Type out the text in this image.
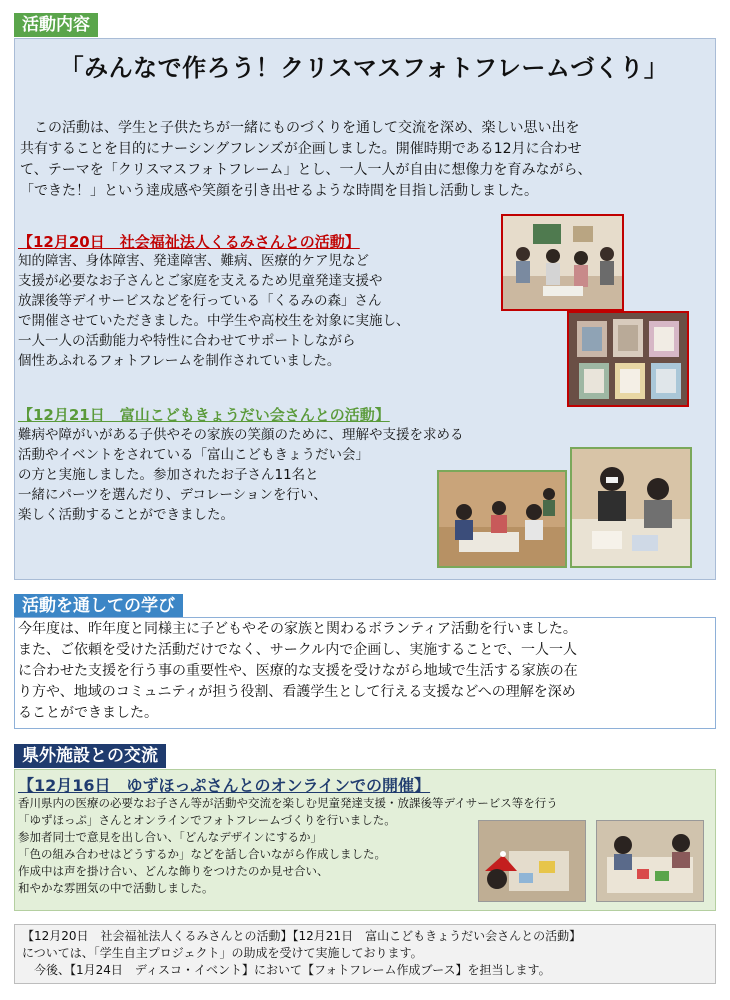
活動内容
「みんなで作ろう！クリスマスフォトフレームづくり」
　この活動は、学生と子供たちが一緒にものづくりを通して交流を深め、楽しい思い出を
共有することを目的にナーシングフレンズが企画しました。開催時期である12月に合わせ
て、テーマを「クリスマスフォトフレーム」とし、一人一人が自由に想像力を育みながら、
「できた！」という達成感や笑顔を引き出せるような時間を目指し活動しました。
【12月20日　社会福祉法人くるみさんとの活動】
知的障害、身体障害、発達障害、難病、医療的ケア児など
支援が必要なお子さんとご家庭を支えるため児童発達支援や
放課後等デイサービスなどを行っている「くるみの森」さん
で開催させていただきました。中学生や高校生を対象に実施し、
一人一人の活動能力や特性に合わせてサポートしながら
個性あふれるフォトフレームを制作されていました。
【12月21日　富山こどもきょうだい会さんとの活動】
難病や障がいがある子供やその家族の笑顔のために、理解や支援を求める
活動やイベントをされている「富山こどもきょうだい会」
の方と実施しました。参加されたお子さん11名と
一緒にパーツを選んだり、デコレーションを行い、
楽しく活動することができました。
活動を通しての学び
今年度は、昨年度と同様主に子どもやその家族と関わるボランティア活動を行いました。
また、ご依頼を受けた活動だけでなく、サークル内で企画し、実施することで、一人一人
に合わせた支援を行う事の重要性や、医療的な支援を受けながら地域で生活する家族の在
り方や、地域のコミュニティが担う役割、看護学生として行える支援などへの理解を深め
ることができました。
県外施設との交流
【12月16日　ゆずほっぷさんとのオンラインでの開催】
香川県内の医療の必要なお子さん等が活動や交流を楽しむ児童発達支援・放課後等デイサービス等を行う
「ゆずほっぷ」さんとオンラインでフォトフレームづくりを行いました。
参加者同士で意見を出し合い、「どんなデザインにするか」
「色の組み合わせはどうするか」などを話し合いながら作成しました。
作成中は声を掛け合い、どんな飾りをつけたのか見せ合い、
和やかな雰囲気の中で活動しました。
【12月20日　社会福祉法人くるみさんとの活動】【12月21日　富山こどもきょうだい会さんとの活動】
については、「学生自主プロジェクト」の助成を受けて実施しております。
　今後、【1月24日　ディスコ・イベント】において【フォトフレーム作成ブース】を担当します。
